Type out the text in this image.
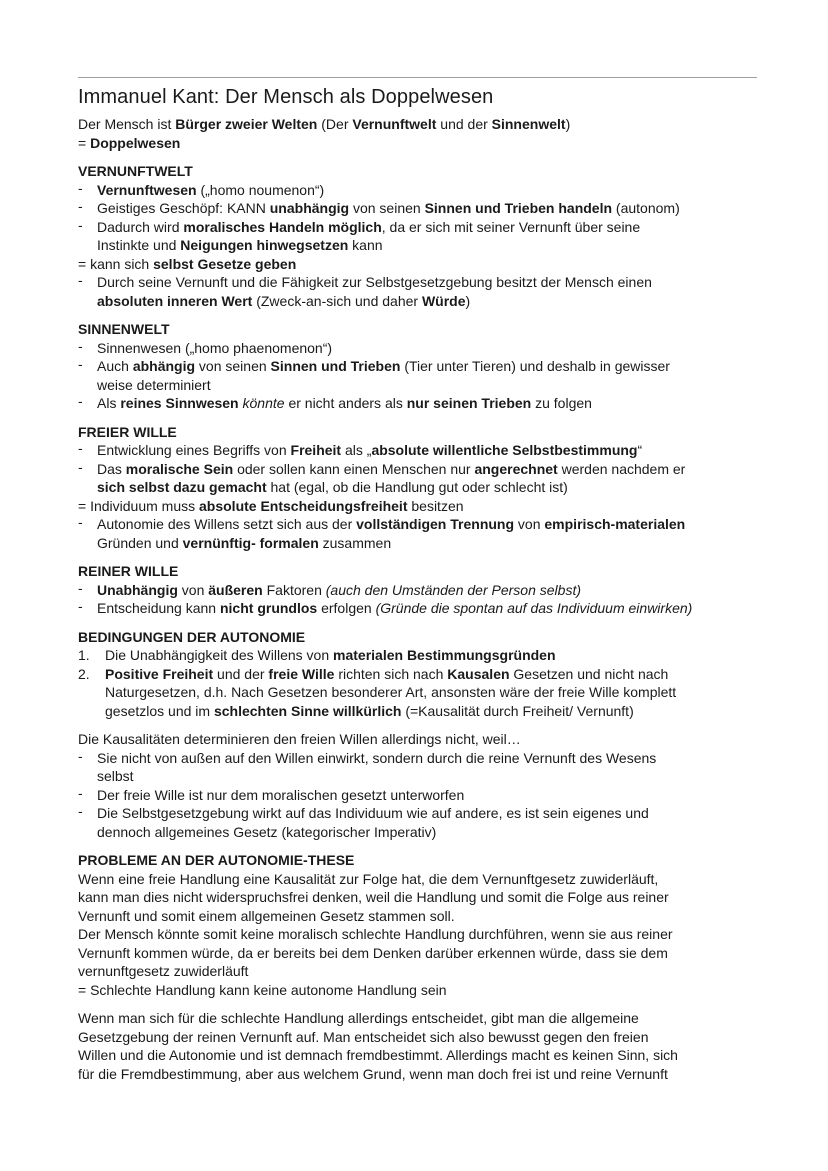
Immanuel Kant: Der Mensch als Doppelwesen
Der Mensch ist Bürger zweier Welten (Der Vernunftwelt und der Sinnenwelt)
= Doppelwesen
VERNUNFTWELT
-	Vernunftwesen („homo noumenon“)
-	Geistiges Geschöpf: KANN unabhängig von seinen Sinnen und Trieben handeln (autonom)
-	Dadurch wird moralisches Handeln möglich, da er sich mit seiner Vernunft über seine
Instinkte und Neigungen hinwegsetzen kann
= kann sich selbst Gesetze geben
-	Durch seine Vernunft und die Fähigkeit zur Selbstgesetzgebung besitzt der Mensch einen
absoluten inneren Wert (Zweck-an-sich und daher Würde)
SINNENWELT
-	Sinnenwesen („homo phaenomenon“)
-	Auch abhängig von seinen Sinnen und Trieben (Tier unter Tieren) und deshalb in gewisser
weise determiniert
-	Als reines Sinnwesen könnte er nicht anders als nur seinen Trieben zu folgen
FREIER WILLE
-	Entwicklung eines Begriffs von Freiheit als „absolute willentliche Selbstbestimmung“
-	Das moralische Sein oder sollen kann einen Menschen nur angerechnet werden nachdem er
sich selbst dazu gemacht hat (egal, ob die Handlung gut oder schlecht ist)
= Individuum muss absolute Entscheidungsfreiheit besitzen
-	Autonomie des Willens setzt sich aus der vollständigen Trennung von empirisch-materialen
Gründen und vernünftig- formalen zusammen
REINER WILLE
-	Unabhängig von äußeren Faktoren (auch den Umständen der Person selbst)
-	Entscheidung kann nicht grundlos erfolgen (Gründe die spontan auf das Individuum einwirken)
BEDINGUNGEN DER AUTONOMIE
1.	Die Unabhängigkeit des Willens von materialen Bestimmungsgründen
2.	Positive Freiheit und der freie Wille richten sich nach Kausalen Gesetzen und nicht nach
Naturgesetzen, d.h. Nach Gesetzen besonderer Art, ansonsten wäre der freie Wille komplett
gesetzlos und im schlechten Sinne willkürlich (=Kausalität durch Freiheit/ Vernunft)
Die Kausalitäten determinieren den freien Willen allerdings nicht, weil…
-	Sie nicht von außen auf den Willen einwirkt, sondern durch die reine Vernunft des Wesens
selbst
-	Der freie Wille ist nur dem moralischen gesetzt unterworfen
-	Die Selbstgesetzgebung wirkt auf das Individuum wie auf andere, es ist sein eigenes und
dennoch allgemeines Gesetz (kategorischer Imperativ)
PROBLEME AN DER AUTONOMIE-THESE
Wenn eine freie Handlung eine Kausalität zur Folge hat, die dem Vernunftgesetz zuwiderläuft,
kann man dies nicht widerspruchsfrei denken, weil die Handlung und somit die Folge aus reiner
Vernunft und somit einem allgemeinen Gesetz stammen soll.
Der Mensch könnte somit keine moralisch schlechte Handlung durchführen, wenn sie aus reiner
Vernunft kommen würde, da er bereits bei dem Denken darüber erkennen würde, dass sie dem
vernunftgesetz zuwiderläuft
= Schlechte Handlung kann keine autonome Handlung sein
Wenn man sich für die schlechte Handlung allerdings entscheidet, gibt man die allgemeine
Gesetzgebung der reinen Vernunft auf. Man entscheidet sich also bewusst gegen den freien
Willen und die Autonomie und ist demnach fremdbestimmt. Allerdings macht es keinen Sinn, sich
für die Fremdbestimmung, aber aus welchem Grund, wenn man doch frei ist und reine Vernunft
